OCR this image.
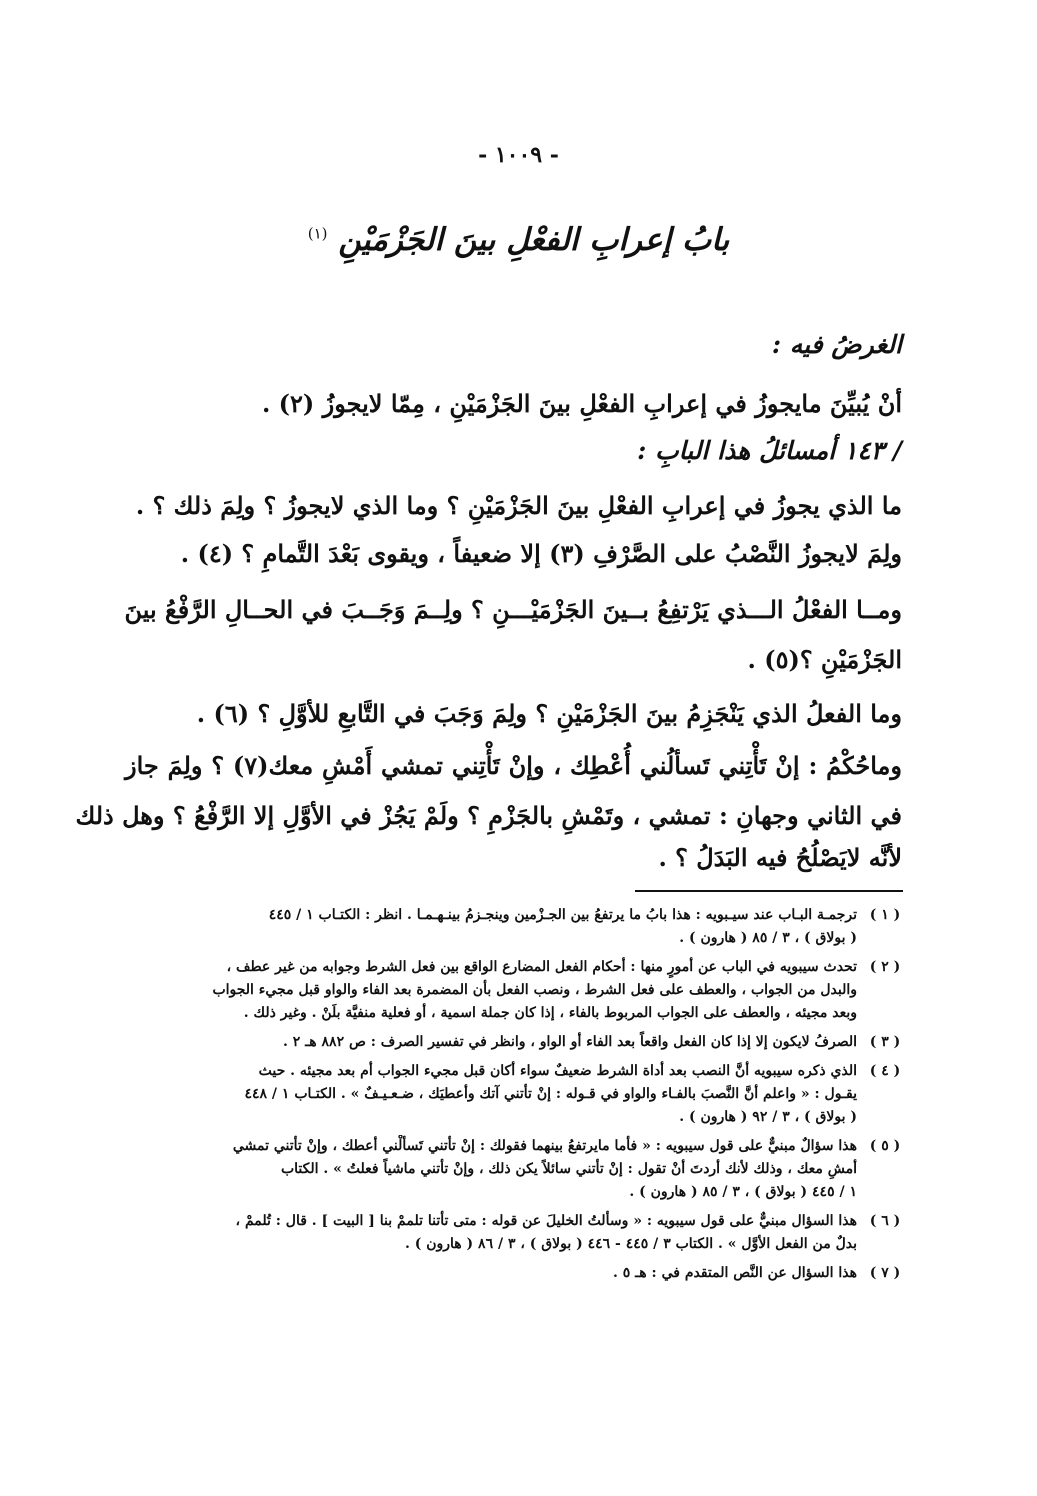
- ١٠٠٩ -
بابُ إعرابِ الفعْلِ بينَ الجَزْمَيْنِ $^{(١)}$
الغرضُ فيه :
أنْ يُبيِّنَ مايجوزُ في إعرابِ الفعْلِ بينَ الجَزْمَيْنِ ، مِمّا لايجوزُ (٢) .
/ ١٤٣ أمسائلُ هذا البابِ :
ما الذي يجوزُ في إعرابِ الفعْلِ بينَ الجَزْمَيْنِ ؟ وما الذي لايجوزُ ؟ ولِمَ ذلك ؟ .
ولِمَ لايجوزُ النَّصْبُ على الصَّرْفِ (٣) إلا ضعيفاً ، ويقوى بَعْدَ التَّمامِ ؟ (٤) .
ومــا الفعْلُ الـــذي يَرْتفِعُ بــينَ الجَزْمَيْـــنِ ؟ ولِــمَ وَجَــبَ في الحــالِ الرَّفْعُ بينَ
الجَزْمَيْنِ ؟(٥) .
وما الفعلُ الذي يَنْجَزِمُ بينَ الجَزْمَيْنِ ؟ ولِمَ وَجَبَ في التَّابعِ للأوَّلِ ؟ (٦) .
وماحُكْمُ : إنْ تَأْتِني تَسألُني أُعْطِك ، وإنْ تَأْتِني تمشي أَمْشِ معك(٧) ؟ ولِمَ جاز
في الثاني وجهانِ : تمشي ، وتَمْشِ بالجَزْمِ ؟ ولَمْ يَجُزْ في الأوَّلِ إلا الرَّفْعُ ؟ وهل ذلك
لأنَّه لايَصْلُحُ فيه البَدَلُ ؟ .
( ١ )
ترجمـة البـاب عند سيـبويه : هذا بابُ ما يرتفعُ بين الجـزْمين وينجـزمُ بينـهـمـا . انظر : الكتـاب ١ / ٤٤٥
( بولاق ) ، ٣ / ٨٥ ( هارون ) .
( ٢ )
تحدث سيبويه في الباب عن أمورٍ منها : أحكام الفعل المضارع الواقع بين فعل الشرط وجوابه من غير عطف ،
والبدل من الجواب ، والعطف على فعل الشرط ، ونصب الفعل بأن المضمرة بعد الفاء والواو قبل مجيء الجواب
وبعد مجيئه ، والعطف على الجواب المربوط بالفاء ، إذا كان جملة اسمية ، أو فعلية منفيَّة بلَنْ . وغير ذلك .
( ٣ )
الصرفُ لايكون إلا إذا كان الفعل واقعاً بعد الفاء أو الواو ، وانظر في تفسير الصرف : ص ٨٨٢ هـ ٢ .
( ٤ )
الذي ذكره سيبويه أنَّ النصب بعد أداة الشرط ضعيفٌ سواء أكان قبل مجيء الجواب أم بعد مجيئه . حيث
يقـول : « واعلم أنَّ النَّصبَ بالفـاء والواو في قـوله : إنْ تأتني آتك وأعطيَك ، ضـعـيـفٌ » . الكتـاب ١ / ٤٤٨
( بولاق ) ، ٣ / ٩٢ ( هارون ) .
( ٥ )
هذا سؤالٌ مبنيٌّ على قول سيبويه : « فأما مايرتفعُ بينهما فقولك : إنْ تأتني تَسألْني أعطك ، وإنْ تأتني تمشي
أمشِ معك ، وذلك لأنك أردتَ أنْ تقول : إنْ تأتني سائلاً يكن ذلك ، وإنْ تأتني ماشياً فعلتُ » . الكتاب
١ / ٤٤٥ ( بولاق ) ، ٣ / ٨٥ ( هارون ) .
( ٦ )
هذا السؤال مبنيٌّ على قول سيبويه : « وسألتُ الخليلَ عن قوله : متى تأتنا تلممْ بنا [ البيت ] . قال : تُلممْ ،
بدلٌ من الفعل الأوَّل » . الكتاب ٣ / ٤٤٥ - ٤٤٦ ( بولاق ) ، ٣ / ٨٦ ( هارون ) .
( ٧ )
هذا السؤال عن النَّص المتقدم في : هـ ٥ .
